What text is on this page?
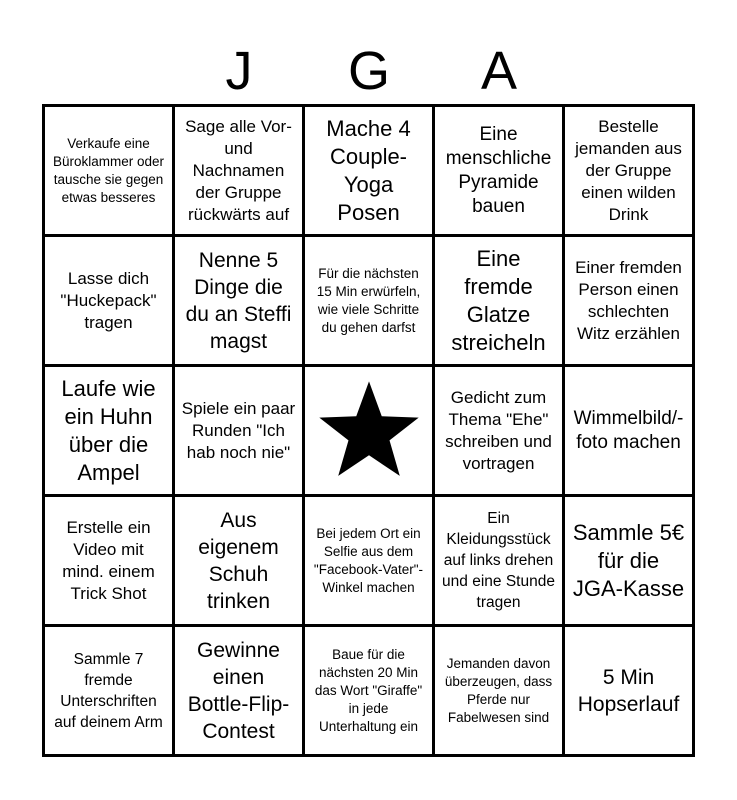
J	G	A
Verkaufe eine Büroklammer oder tausche sie gegen etwas besseres
Sage alle Vor- und Nachnamen der Gruppe rückwärts auf
Mache 4 Couple-Yoga Posen
Eine menschliche Pyramide bauen
Bestelle jemanden aus der Gruppe einen wilden Drink
Lasse dich "Huckepack" tragen
Nenne 5 Dinge die du an Steffi magst
Für die nächsten 15 Min erwürfeln, wie viele Schritte du gehen darfst
Eine fremde Glatze streicheln
Einer fremden Person einen schlechten Witz erzählen
Laufe wie ein Huhn über die Ampel
Spiele ein paar Runden "Ich hab noch nie"
Gedicht zum Thema "Ehe" schreiben und vortragen
Wimmelbild/-foto machen
Erstelle ein Video mit mind. einem Trick Shot
Aus eigenem Schuh trinken
Bei jedem Ort ein Selfie aus dem "Facebook-Vater"-Winkel machen
Ein Kleidungsstück auf links drehen und eine Stunde tragen
Sammle 5€ für die JGA-Kasse
Sammle 7 fremde Unterschriften auf deinem Arm
Gewinne einen Bottle-Flip-Contest
Baue für die nächsten 20 Min das Wort "Giraffe" in jede Unterhaltung ein
Jemanden davon überzeugen, dass Pferde nur Fabelwesen sind
5 Min Hopserlauf
